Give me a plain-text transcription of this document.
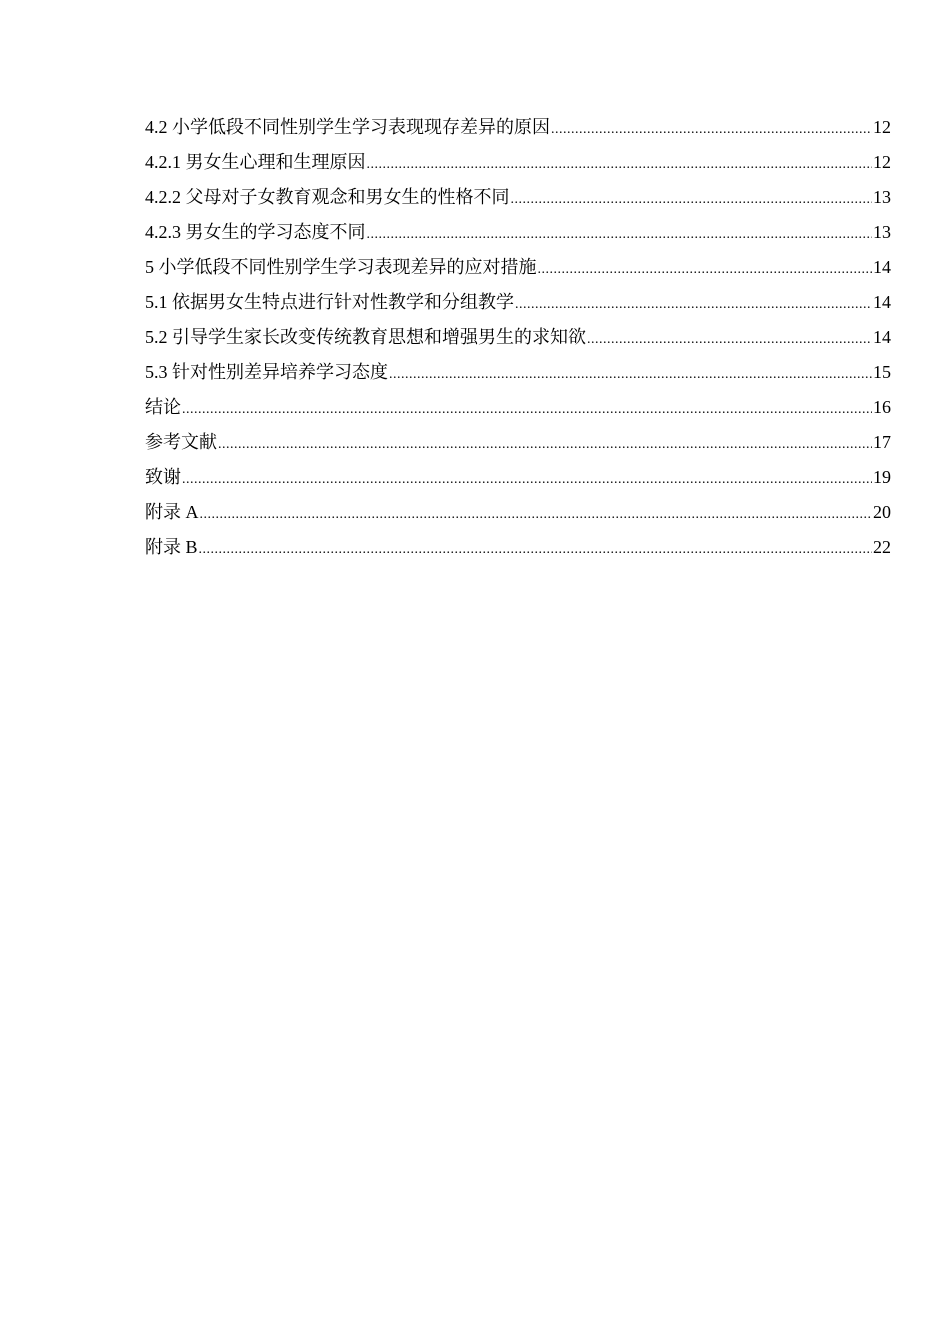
4.2 小学低段不同性别学生学习表现现存差异的原因 .....	12
4.2.1 男女生心理和生理原因 .....	12
4.2.2 父母对子女教育观念和男女生的性格不同 .....	13
4.2.3 男女生的学习态度不同 .....	13
5 小学低段不同性别学生学习表现差异的应对措施 .....	14
5.1 依据男女生特点进行针对性教学和分组教学 .....	14
5.2 引导学生家长改变传统教育思想和增强男生的求知欲 .....	14
5.3 针对性别差异培养学习态度 .....	15
结论 .....	16
参考文献 .....	17
致谢 .....	19
附录 A .....	20
附录 B .....	22
